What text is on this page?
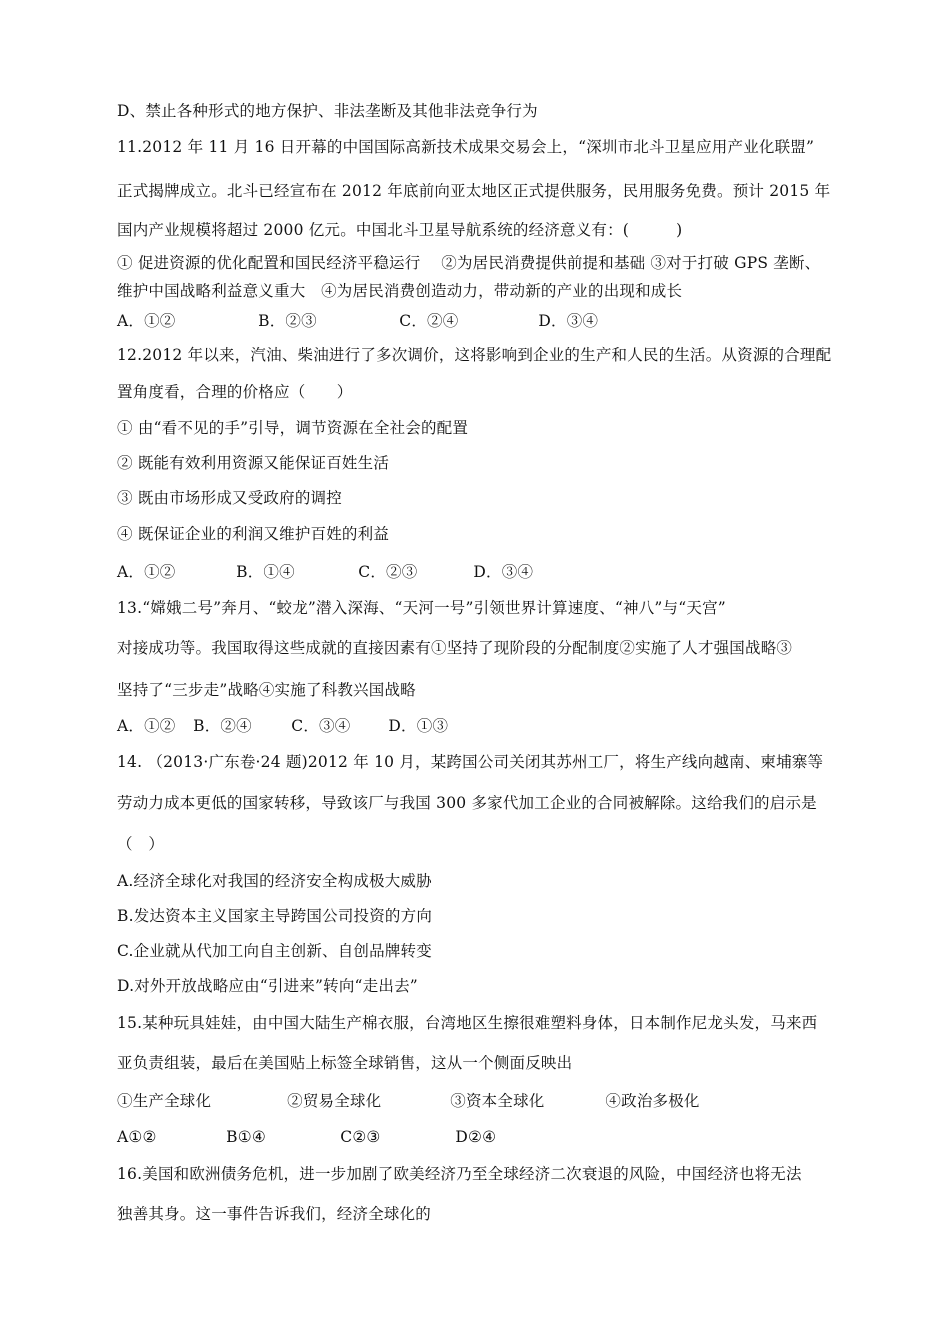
D、禁止各种形式的地方保护、非法垄断及其他非法竞争行为
11.2012 年 11 月 16 日开幕的中国国际高新技术成果交易会上，“深圳市北斗卫星应用产业化联盟”
正式揭牌成立。北斗已经宣布在 2012 年底前向亚太地区正式提供服务，民用服务免费。预计 2015 年
国内产业规模将超过 2000 亿元。中国北斗卫星导航系统的经济意义有：(　　　)
① 促进资源的优化配置和国民经济平稳运行　 ②为居民消费提供前提和基础 ③对于打破 GPS 垄断、
维护中国战略利益意义重大　④为居民消费创造动力，带动新的产业的出现和成长
A．①②	B．②③	C．②④	D．③④
12.2012 年以来，汽油、柴油进行了多次调价，这将影响到企业的生产和人民的生活。从资源的合理配
置角度看，合理的价格应（　　）
① 由“看不见的手”引导，调节资源在全社会的配置
② 既能有效利用资源又能保证百姓生活
③ 既由市场形成又受政府的调控
④ 既保证企业的利润又维护百姓的利益
A．①②	B．①④	C．②③	D．③④
13.“嫦娥二号”奔月、“蛟龙”潜入深海、“天河一号”引领世界计算速度、“神八”与“天宫”
对接成功等。我国取得这些成就的直接因素有①坚持了现阶段的分配制度②实施了人才强国战略③
坚持了“三步走”战略④实施了科教兴国战略
A．①② B．②④	C．③④ D．①③
14. （2013·广东卷·24 题)2012 年 10 月，某跨国公司关闭其苏州工厂，将生产线向越南、柬埔寨等
劳动力成本更低的国家转移，导致该厂与我国 300 多家代加工企业的合同被解除。这给我们的启示是
（　）
A.经济全球化对我国的经济安全构成极大威胁
B.发达资本主义国家主导跨国公司投资的方向
C.企业就从代加工向自主创新、自创品牌转变
D.对外开放战略应由“引进来”转向“走出去”
15.某种玩具娃娃，由中国大陆生产棉衣服，台湾地区生擦很难塑料身体，日本制作尼龙头发，马来西
亚负责组装，最后在美国贴上标签全球销售，这从一个侧面反映出
①生产全球化	②贸易全球化	③资本全球化	④政治多极化
A①②	B①④	C②③	D②④
16.美国和欧洲债务危机，进一步加剧了欧美经济乃至全球经济二次衰退的风险，中国经济也将无法
独善其身。这一事件告诉我们，经济全球化的
